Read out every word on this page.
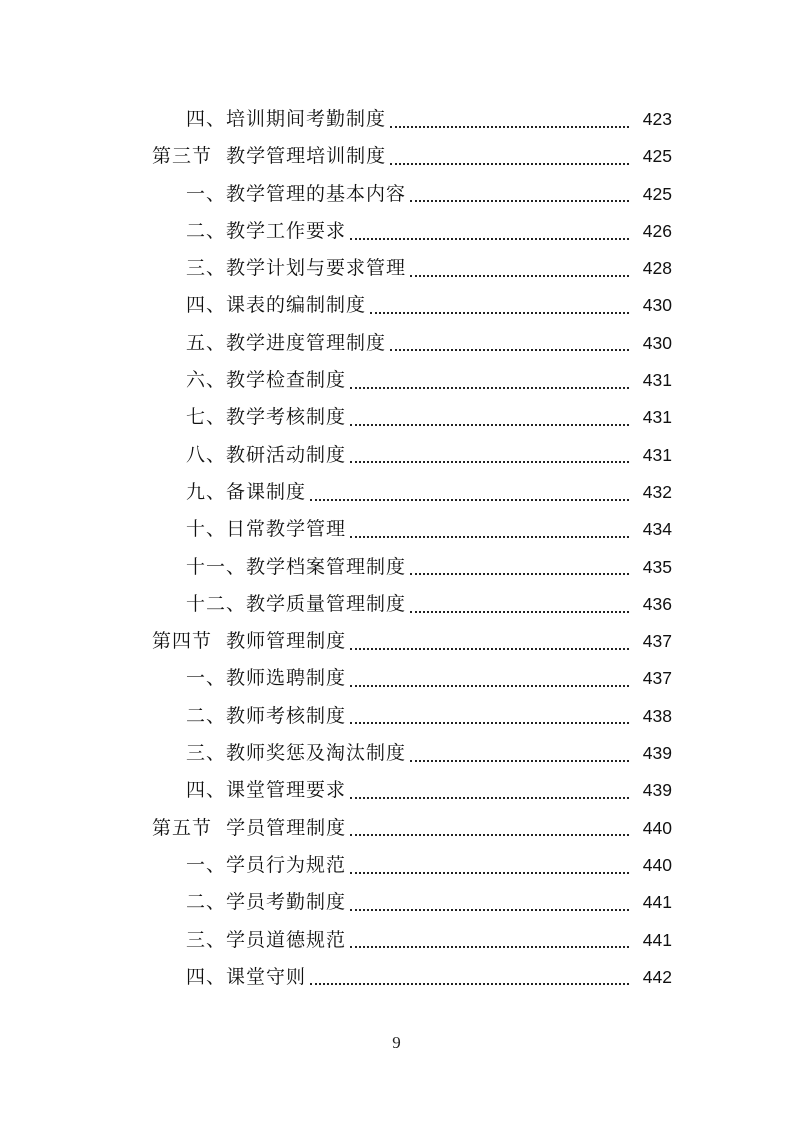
四、培训期间考勤制度	423
第三节  教学管理培训制度	425
一、教学管理的基本内容	425
二、教学工作要求	426
三、教学计划与要求管理	428
四、课表的编制制度	430
五、教学进度管理制度	430
六、教学检查制度	431
七、教学考核制度	431
八、教研活动制度	431
九、备课制度	432
十、日常教学管理	434
十一、教学档案管理制度	435
十二、教学质量管理制度	436
第四节  教师管理制度	437
一、教师选聘制度	437
二、教师考核制度	438
三、教师奖惩及淘汰制度	439
四、课堂管理要求	439
第五节  学员管理制度	440
一、学员行为规范	440
二、学员考勤制度	441
三、学员道德规范	441
四、课堂守则	442
9
